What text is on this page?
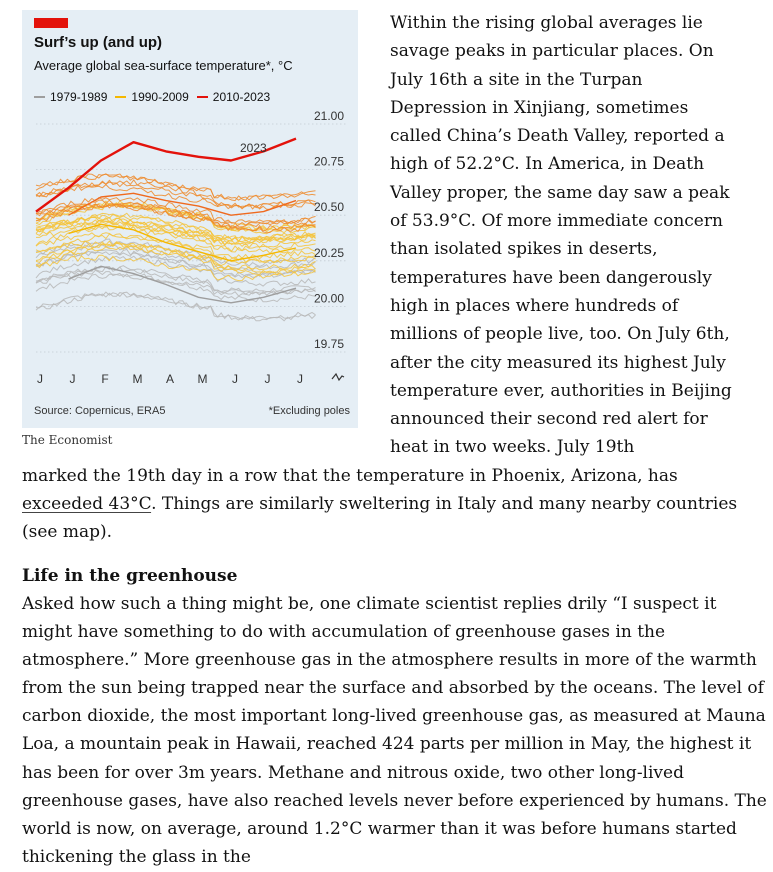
Surf’s up (and up)
Average global sea-surface temperature*, °C
1979-1989 1990-2009 2010-2023
21.00
20.75
20.50
20.25
20.00
19.75
J J F M A M J J J
2023
Source: Copernicus, ERA5	*Excluding poles
The Economist
Within the rising global averages lie savage peaks in particular places. On July 16th a site in the Turpan Depression in Xinjiang, sometimes called China’s Death Valley, reported a high of 52.2°C. In America, in Death Valley proper, the same day saw a peak of 53.9°C. Of more immediate concern than isolated spikes in deserts, temperatures have been dangerously high in places where hundreds of millions of people live, too. On July 6th, after the city measured its highest July temperature ever, authorities in Beijing announced their second red alert for heat in two weeks. July 19th
marked the 19th day in a row that the temperature in Phoenix, Arizona, has
exceeded 43°C. Things are similarly sweltering in Italy and many nearby countries (see map).
Life in the greenhouse
Asked how such a thing might be, one climate scientist replies drily “I suspect it might have something to do with accumulation of greenhouse gases in the atmosphere.” More greenhouse gas in the atmosphere results in more of the warmth from the sun being trapped near the surface and absorbed by the oceans. The level of carbon dioxide, the most important long-lived greenhouse gas, as measured at Mauna Loa, a mountain peak in Hawaii, reached 424 parts per million in May, the highest it has been for over 3m years. Methane and nitrous oxide, two other long-lived greenhouse gases, have also reached levels never before experienced by humans. The world is now, on average, around 1.2°C warmer than it was before humans started thickening the glass in the
